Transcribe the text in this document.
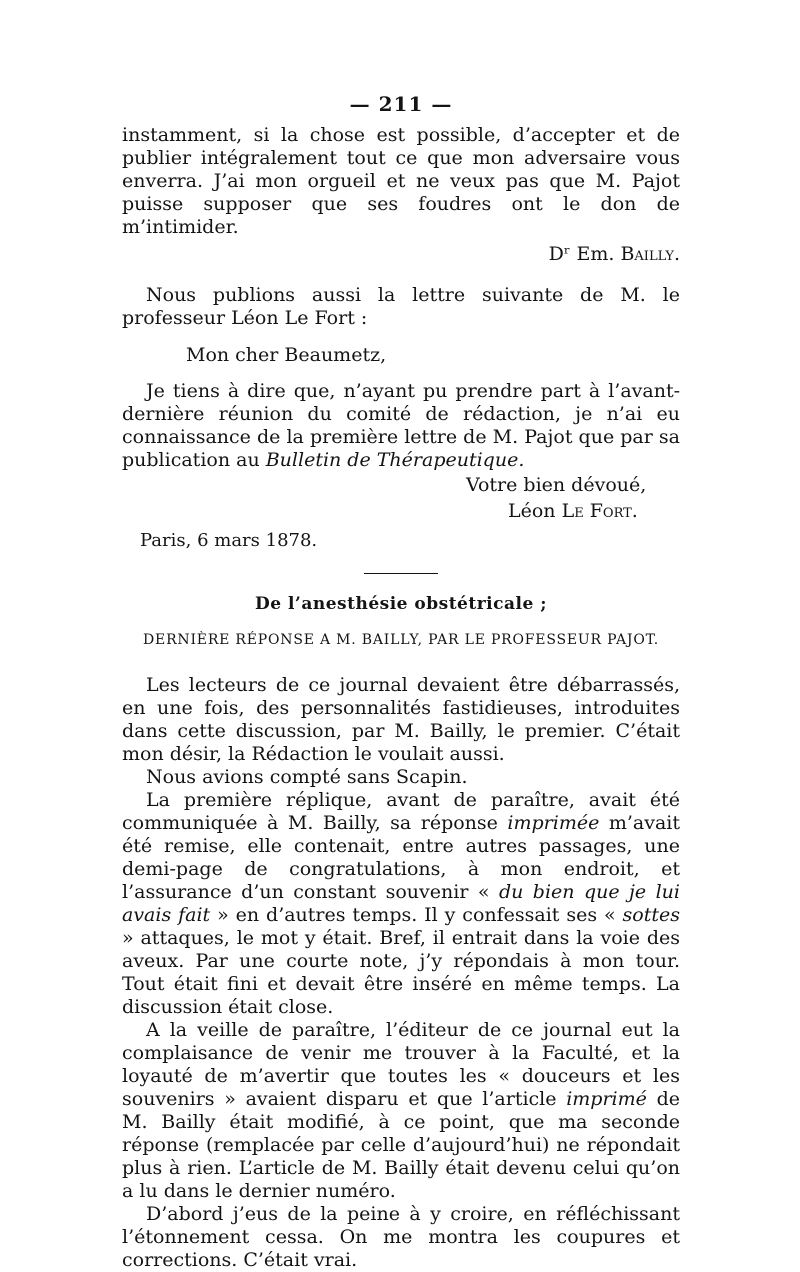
— 211 —

instamment, si la chose est possible, d’accepter et de publier intégralement tout ce que mon adversaire vous enverra. J’ai mon orgueil et ne veux pas que M. Pajot puisse supposer que ses foudres ont le don de m’intimider.

Dʳ Em. Bailly.

Nous publions aussi la lettre suivante de M. le professeur Léon Le Fort :

Mon cher Beaumetz,

Je tiens à dire que, n’ayant pu prendre part à l’avant-dernière réunion du comité de rédaction, je n’ai eu connaissance de la première lettre de M. Pajot que par sa publication au Bulletin de Thérapeutique.

Votre bien dévoué,
Léon Le Fort.
Paris, 6 mars 1878.
De l’anesthésie obstétricale ;
DERNIÈRE RÉPONSE A M. BAILLY, PAR LE PROFESSEUR PAJOT.

Les lecteurs de ce journal devaient être débarrassés, en une fois, des personnalités fastidieuses, introduites dans cette discussion, par M. Bailly, le premier. C’était mon désir, la Rédaction le voulait aussi.

Nous avions compté sans Scapin.

La première réplique, avant de paraître, avait été communiquée à M. Bailly, sa réponse imprimée m’avait été remise, elle contenait, entre autres passages, une demi-page de congratulations, à mon endroit, et l’assurance d’un constant souvenir « du bien que je lui avais fait » en d’autres temps. Il y confessait ses « sottes » attaques, le mot y était. Bref, il entrait dans la voie des aveux. Par une courte note, j’y répondais à mon tour. Tout était fini et devait être inséré en même temps. La discussion était close.

A la veille de paraître, l’éditeur de ce journal eut la complaisance de venir me trouver à la Faculté, et la loyauté de m’avertir que toutes les « douceurs et les souvenirs » avaient disparu et que l’article imprimé de M. Bailly était modifié, à ce point, que ma seconde réponse (remplacée par celle d’aujourd’hui) ne répondait plus à rien. L’article de M. Bailly était devenu celui qu’on a lu dans le dernier numéro.

D’abord j’eus de la peine à y croire, en réfléchissant l’étonnement cessa. On me montra les coupures et corrections. C’était vrai.
